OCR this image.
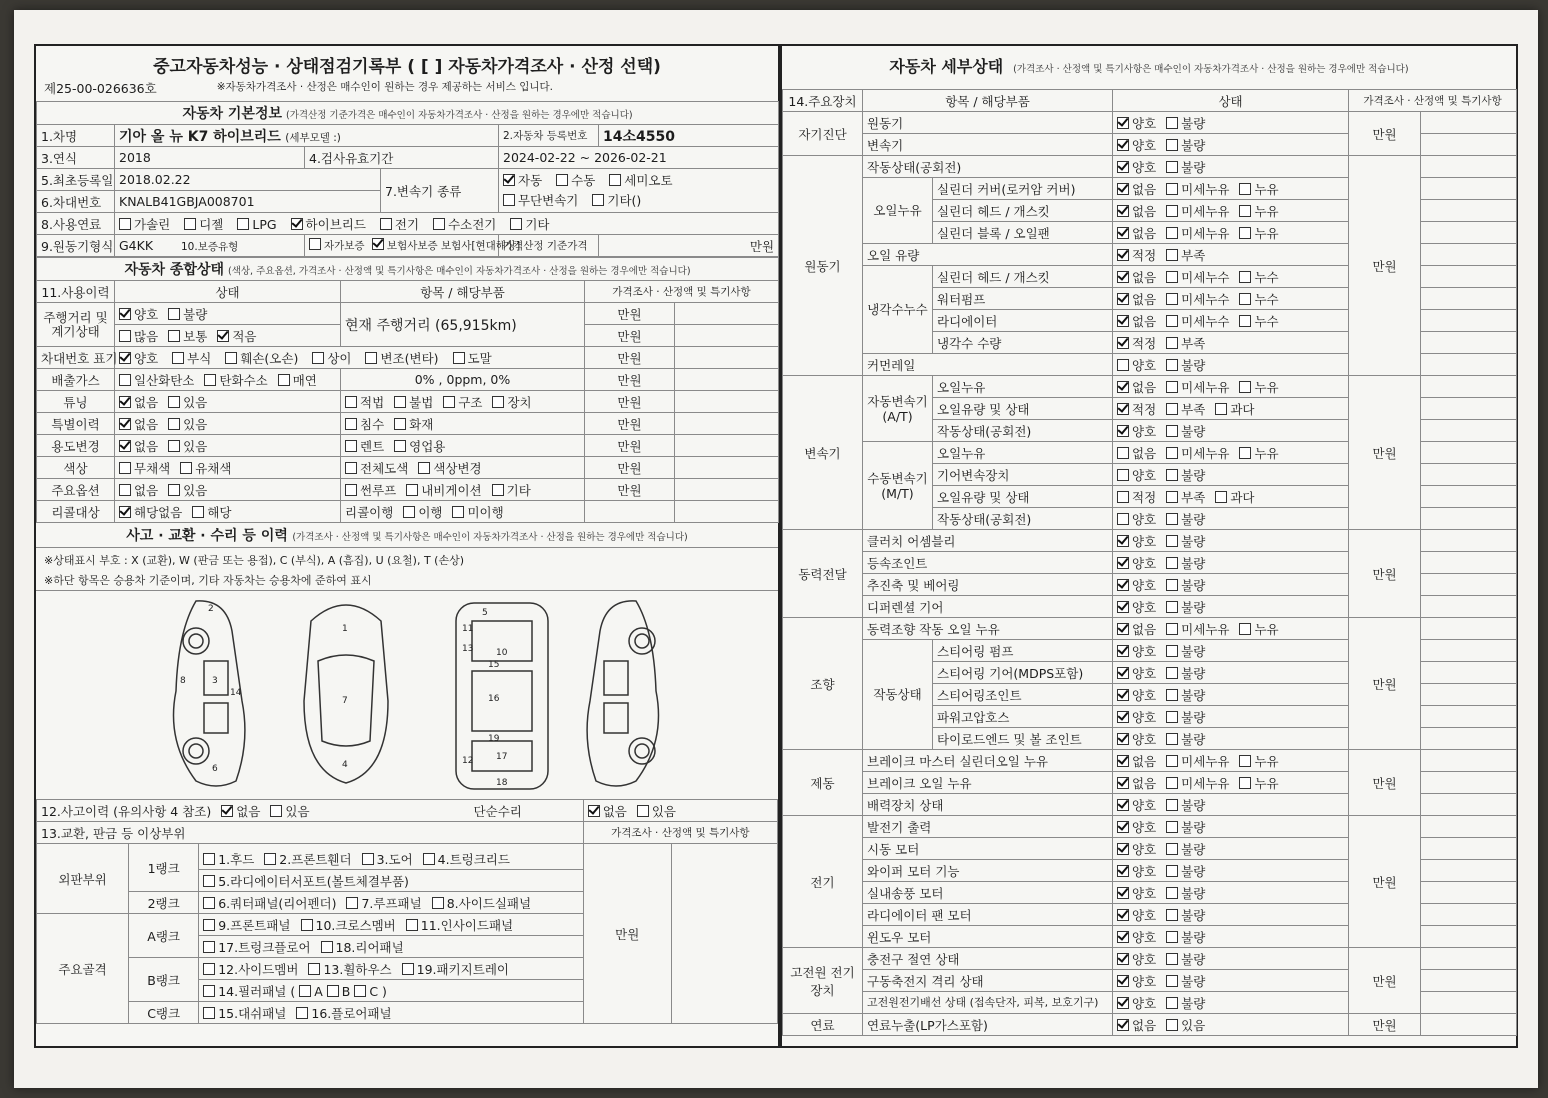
중고자동차성능 · 상태점검기록부 ( [ ] 자동차가격조사 · 산정 선택)
제25-00-026636호	※자동차가격조사 · 산정은 매수인이 원하는 경우 제공하는 서비스 입니다.
자동차 기본정보 (가격산정 기준가격은 매수인이 자동차가격조사 · 산정을 원하는 경우에만 적습니다)					
1.차명	기아 올 뉴 K7 하이브리드 (세부모델 :)			2.자동차 등록번호	14소4550
3.연식	2018	4.검사유효기간		2024-02-22 ~ 2026-02-21	
5.최초등록일	2018.02.22		7.변속기 종류	자동 수동 세미오토
무단변속기 기타()	
6.차대번호	KNALB41GBJA008701				
8.사용연료	가솔린 디젤 LPG 하이브리드 전기 수소전기 기타				
9.원동기형식	G4KK 10.보증유형	자가보증 보험사보증 보험사[현대해상]		가격산정 기준가격	만원
자동차 종합상태 (색상, 주요옵션, 가격조사 · 산정액 및 특기사항은 매수인이 자동차가격조사 · 산정을 원하는 경우에만 적습니다)				
11.사용이력	상태	항목 / 해당부품	가격조사 · 산정액 및 특기사항	
주행거리 및 계기상태	양호 불량	현재 주행거리 (65,915km)	만원	
	많음 보통 적음		만원	
차대번호 표기	양호 부식 훼손(오손) 상이 변조(변타) 도말		만원	
배출가스	일산화탄소 탄화수소 매연	0% , 0ppm, 0%	만원	
튜닝	없음 있음	적법 불법 구조 장치	만원	
특별이력	없음 있음	침수 화재	만원	
용도변경	없음 있음	렌트 영업용	만원	
색상	무채색 유채색	전체도색 색상변경	만원	
주요옵션	없음 있음	썬루프 내비게이션 기타	만원	
리콜대상	해당없음 해당	리콜이행 이행 미이행		
사고 · 교환 · 수리 등 이력 (가격조사 · 산정액 및 특기사항은 매수인이 자동차가격조사 · 산정을 원하는 경우에만 적습니다)
※상태표시 부호 : X (교환), W (판금 또는 용접), C (부식), A (흠집), U (요철), T (손상)
※하단 항목은 승용차 기준이며, 기타 자동차는 승용차에 준하여 표시
1
2
3
4
5
6
7
8
10
11
12
13
14
15
16
17
18
19
12.사고이력 (유의사항 4 참조) 없음 있음 단순수리			없음 있음	
13.교환, 판금 등 이상부위			가격조사 · 산정액 및 특기사항	
외판부위	1랭크	1.후드 2.프론트휀더 3.도어 4.트렁크리드	만원	
		5.라디에이터서포트(볼트체결부품)		
	2랭크	6.쿼터패널(리어펜더) 7.루프패널 8.사이드실패널		
주요골격	A랭크	9.프론트패널 10.크로스멤버 11.인사이드패널		
		17.트렁크플로어 18.리어패널		
	B랭크	12.사이드멤버 13.휠하우스 19.패키지트레이		
		14.필러패널 ( A B C )		
	C랭크	15.대쉬패널 16.플로어패널		
자동차 세부상태 (가격조사 · 산정액 및 특기사항은 매수인이 자동차가격조사 · 산정을 원하는 경우에만 적습니다)
14.주요장치	항목 / 해당부품		상태	가격조사 · 산정액 및 특기사항	
자기진단	원동기		양호 불량	만원	
	변속기		양호 불량		
원동기	작동상태(공회전)		양호 불량	만원	
	오일누유	실린더 커버(로커암 커버)	없음 미세누유 누유		
		실린더 헤드 / 개스킷	없음 미세누유 누유		
		실린더 블록 / 오일팬	없음 미세누유 누유		
	오일 유량		적정 부족		
	냉각수누수	실린더 헤드 / 개스킷	없음 미세누수 누수		
		워터펌프	없음 미세누수 누수		
		라디에이터	없음 미세누수 누수		
		냉각수 수량	적정 부족		
	커먼레일		양호 불량		
변속기	자동변속기 (A/T)	오일누유	없음 미세누유 누유	만원	
		오일유량 및 상태	적정 부족 과다		
		작동상태(공회전)	양호 불량		
	수동변속기 (M/T)	오일누유	없음 미세누유 누유		
		기어변속장치	양호 불량		
		오일유량 및 상태	적정 부족 과다		
		작동상태(공회전)	양호 불량		
동력전달	클러치 어셈블리		양호 불량	만원	
	등속조인트		양호 불량		
	추진축 및 베어링		양호 불량		
	디퍼렌셜 기어		양호 불량		
조향	동력조향 작동 오일 누유		없음 미세누유 누유	만원	
	작동상태	스티어링 펌프	양호 불량		
		스티어링 기어(MDPS포함)	양호 불량		
		스티어링조인트	양호 불량		
		파워고압호스	양호 불량		
		타이로드엔드 및 볼 조인트	양호 불량		
제동	브레이크 마스터 실린더오일 누유		없음 미세누유 누유	만원	
	브레이크 오일 누유		없음 미세누유 누유		
	배력장치 상태		양호 불량		
전기	발전기 출력		양호 불량	만원	
	시동 모터		양호 불량		
	와이퍼 모터 기능		양호 불량		
	실내송풍 모터		양호 불량		
	라디에이터 팬 모터		양호 불량		
	윈도우 모터		양호 불량		
고전원 전기장치	충전구 절연 상태		양호 불량	만원	
	구동축전지 격리 상태		양호 불량		
	고전원전기배선 상태 (접속단자, 피복, 보호기구)		양호 불량		
연료	연료누출(LP가스포함)		없음 있음	만원	
